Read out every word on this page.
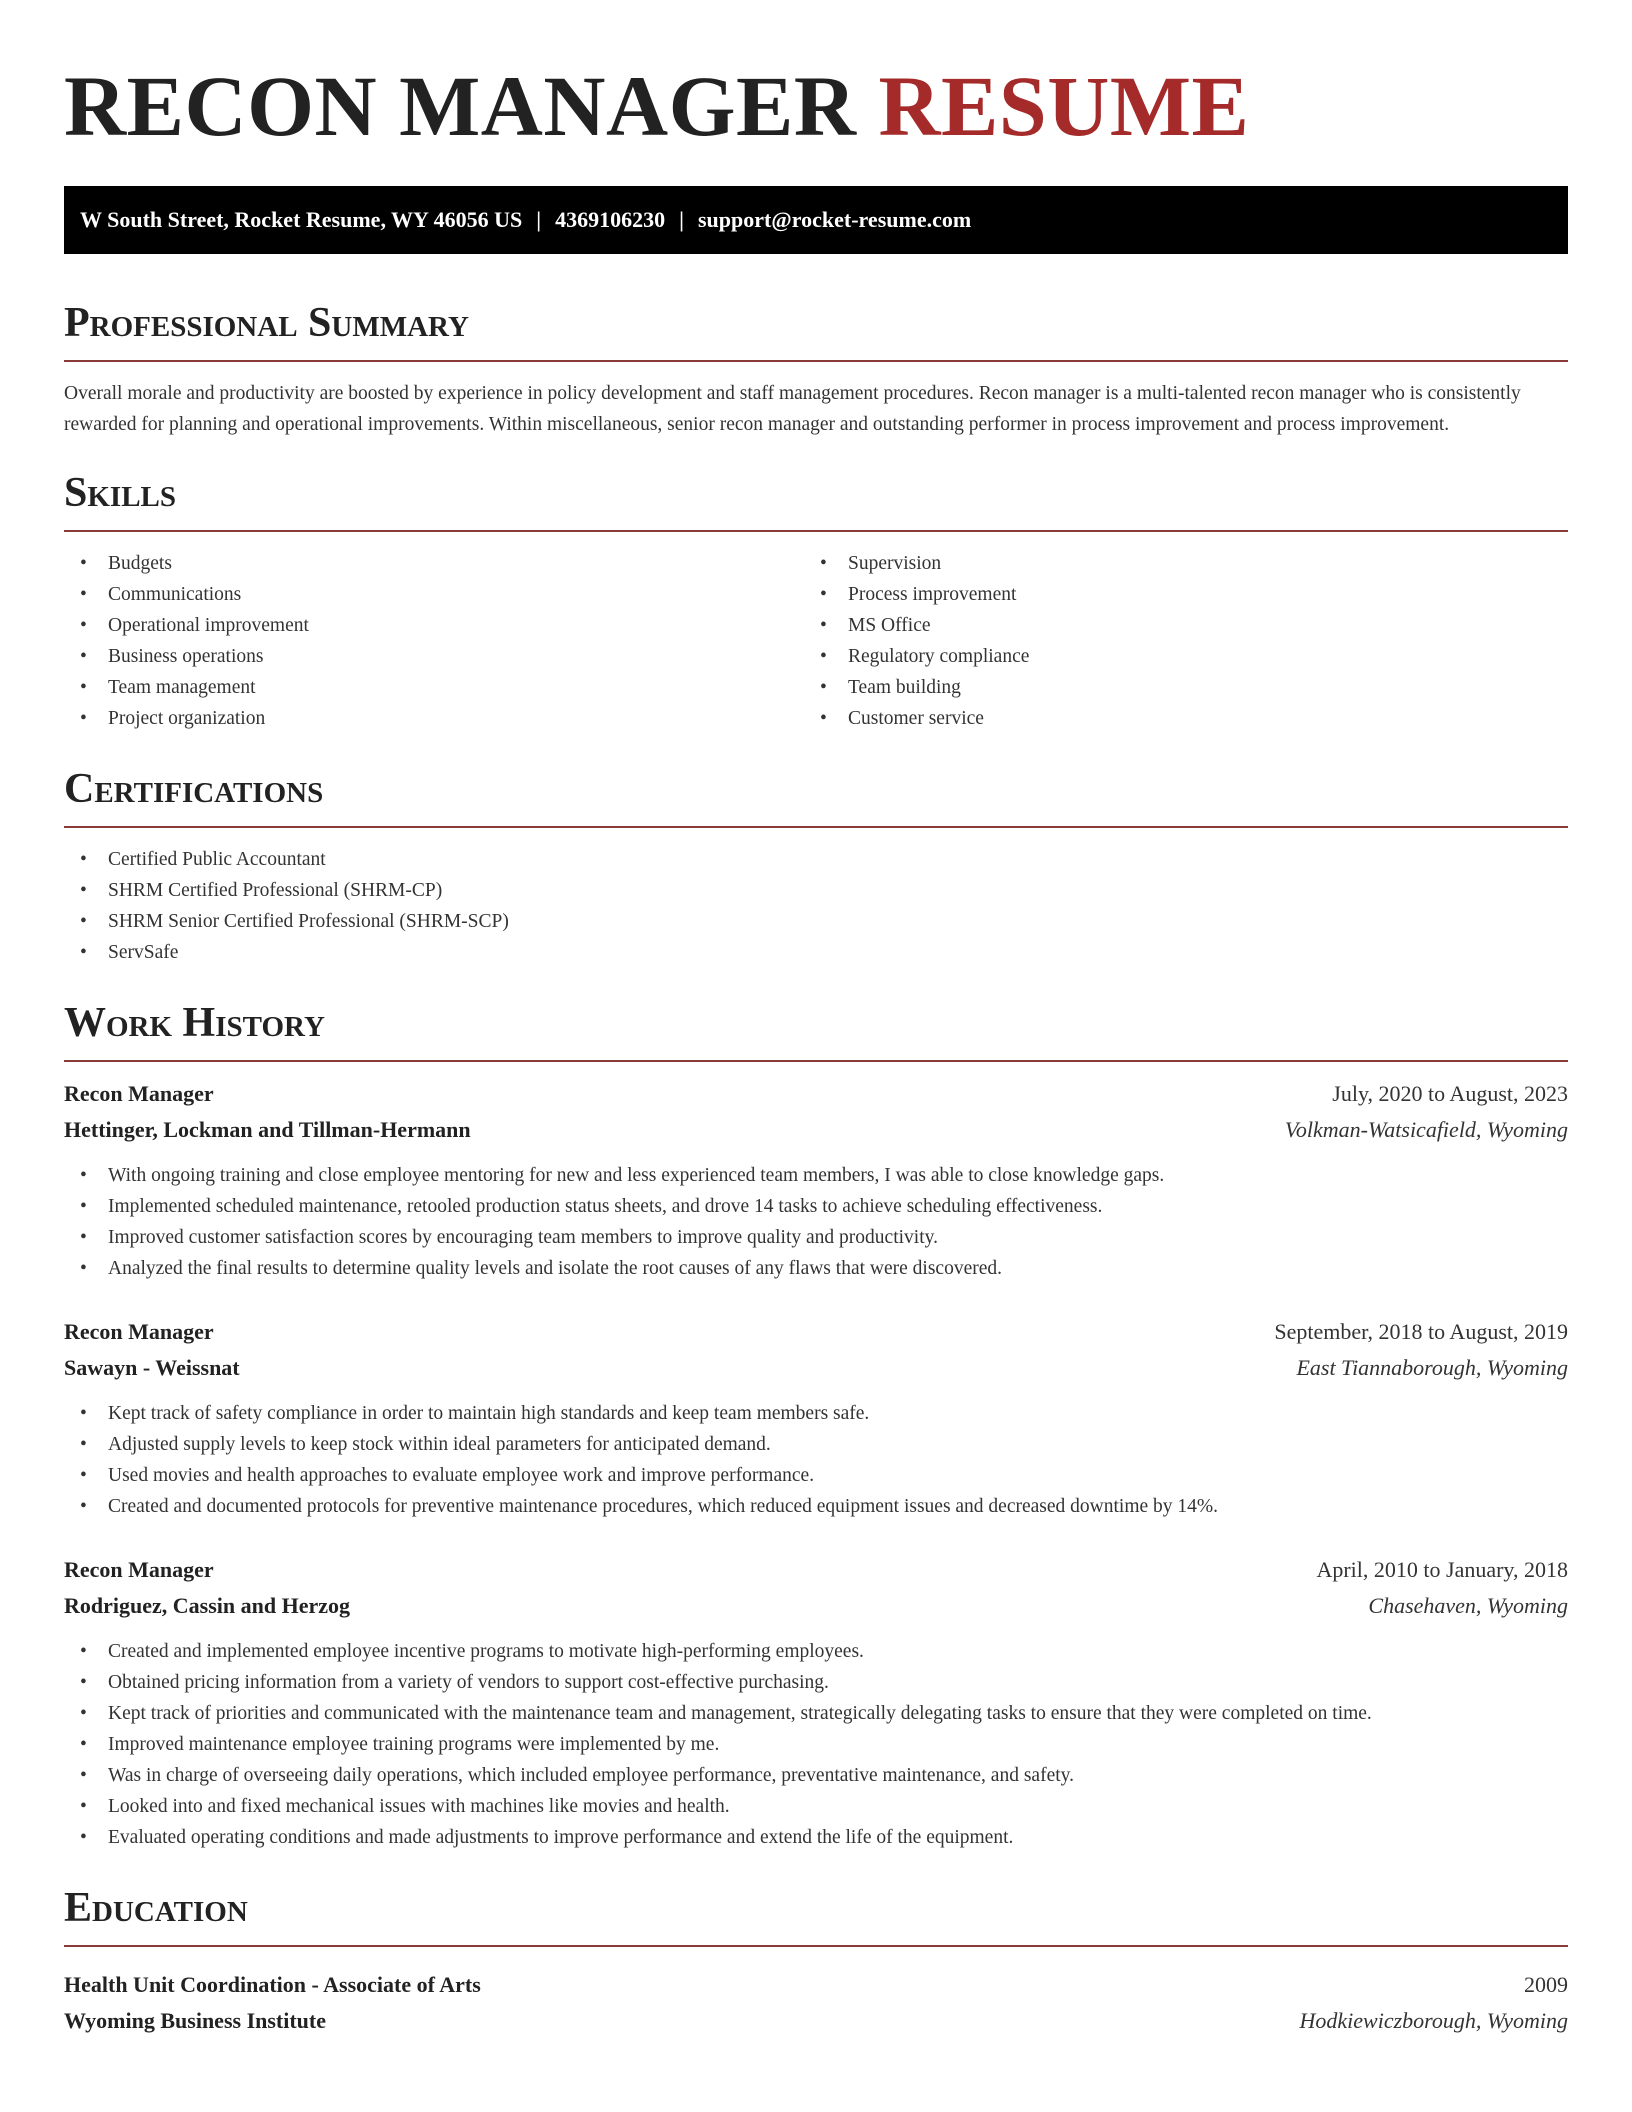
RECON MANAGER RESUME
W South Street, Rocket Resume, WY 46056 US | 4369106230 | support@rocket-resume.com
Professional Summary

Overall morale and productivity are boosted by experience in policy development and staff management procedures. Recon manager is a multi-talented recon manager who is consistently rewarded for planning and operational improvements. Within miscellaneous, senior recon manager and outstanding performer in process improvement and process improvement.

Skills
• Budgets
• Communications
• Operational improvement
• Business operations
• Team management
• Project organization
• Supervision
• Process improvement
• MS Office
• Regulatory compliance
• Team building
• Customer service
Certifications
• Certified Public Accountant
• SHRM Certified Professional (SHRM-CP)
• SHRM Senior Certified Professional (SHRM-SCP)
• ServSafe
Work History
Recon Manager	July, 2020 to August, 2023
Hettinger, Lockman and Tillman-Hermann	Volkman-Watsicafield, Wyoming
• With ongoing training and close employee mentoring for new and less experienced team members, I was able to close knowledge gaps.
• Implemented scheduled maintenance, retooled production status sheets, and drove 14 tasks to achieve scheduling effectiveness.
• Improved customer satisfaction scores by encouraging team members to improve quality and productivity.
• Analyzed the final results to determine quality levels and isolate the root causes of any flaws that were discovered.
Recon Manager	September, 2018 to August, 2019
Sawayn - Weissnat	East Tiannaborough, Wyoming
• Kept track of safety compliance in order to maintain high standards and keep team members safe.
• Adjusted supply levels to keep stock within ideal parameters for anticipated demand.
• Used movies and health approaches to evaluate employee work and improve performance.
• Created and documented protocols for preventive maintenance procedures, which reduced equipment issues and decreased downtime by 14%.
Recon Manager	April, 2010 to January, 2018
Rodriguez, Cassin and Herzog	Chasehaven, Wyoming
• Created and implemented employee incentive programs to motivate high-performing employees.
• Obtained pricing information from a variety of vendors to support cost-effective purchasing.
• Kept track of priorities and communicated with the maintenance team and management, strategically delegating tasks to ensure that they were completed on time.
• Improved maintenance employee training programs were implemented by me.
• Was in charge of overseeing daily operations, which included employee performance, preventative maintenance, and safety.
• Looked into and fixed mechanical issues with machines like movies and health.
• Evaluated operating conditions and made adjustments to improve performance and extend the life of the equipment.
Education
Health Unit Coordination - Associate of Arts	2009
Wyoming Business Institute	Hodkiewiczborough, Wyoming
